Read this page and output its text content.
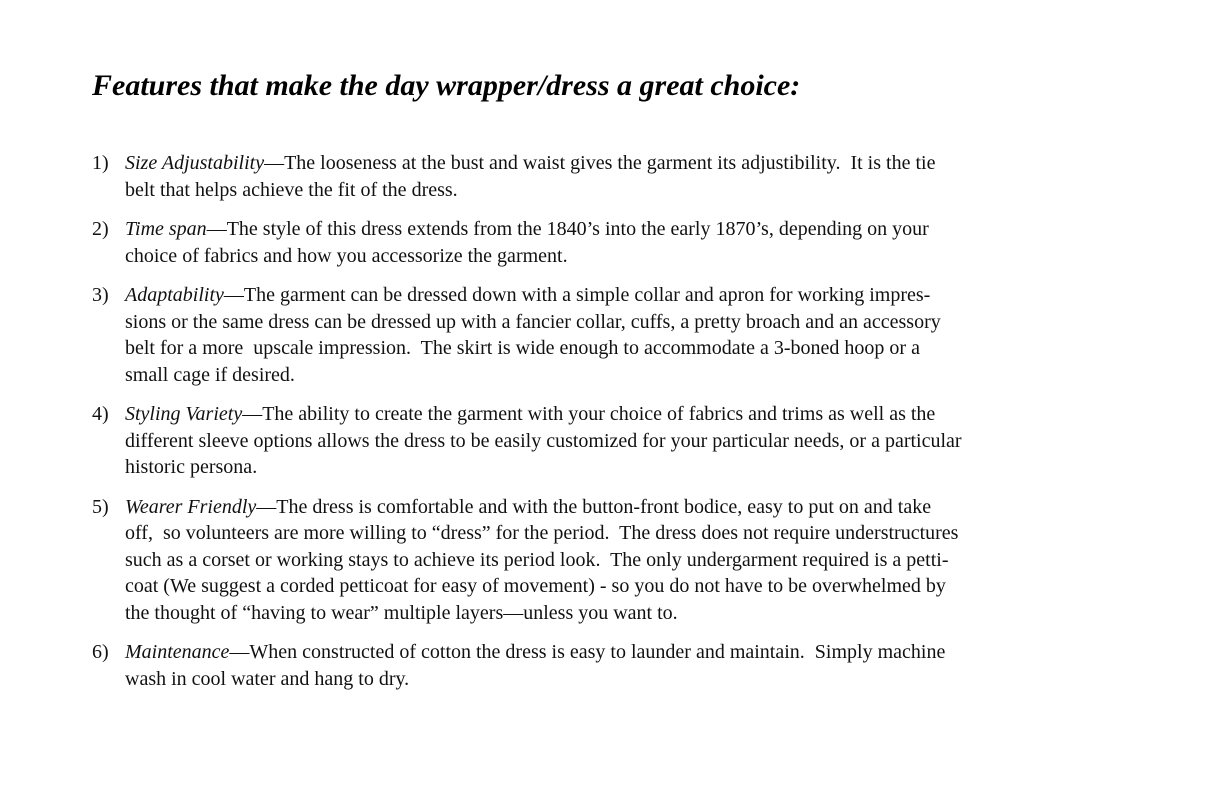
Features that make the day wrapper/dress a great choice:
1) Size Adjustability—The looseness at the bust and waist gives the garment its adjustibility.  It is the tie
belt that helps achieve the fit of the dress.
2) Time span—The style of this dress extends from the 1840’s into the early 1870’s, depending on your
choice of fabrics and how you accessorize the garment.
3) Adaptability—The garment can be dressed down with a simple collar and apron for working impres-
sions or the same dress can be dressed up with a fancier collar, cuffs, a pretty broach and an accessory
belt for a more  upscale impression.  The skirt is wide enough to accommodate a 3-boned hoop or a
small cage if desired.
4) Styling Variety—The ability to create the garment with your choice of fabrics and trims as well as the
different sleeve options allows the dress to be easily customized for your particular needs, or a particular
historic persona.
5) Wearer Friendly—The dress is comfortable and with the button-front bodice, easy to put on and take
off,  so volunteers are more willing to “dress” for the period.  The dress does not require understructures
such as a corset or working stays to achieve its period look.  The only undergarment required is a petti-
coat (We suggest a corded petticoat for easy of movement) - so you do not have to be overwhelmed by
the thought of “having to wear” multiple layers—unless you want to.
6) Maintenance—When constructed of cotton the dress is easy to launder and maintain.  Simply machine
wash in cool water and hang to dry.
